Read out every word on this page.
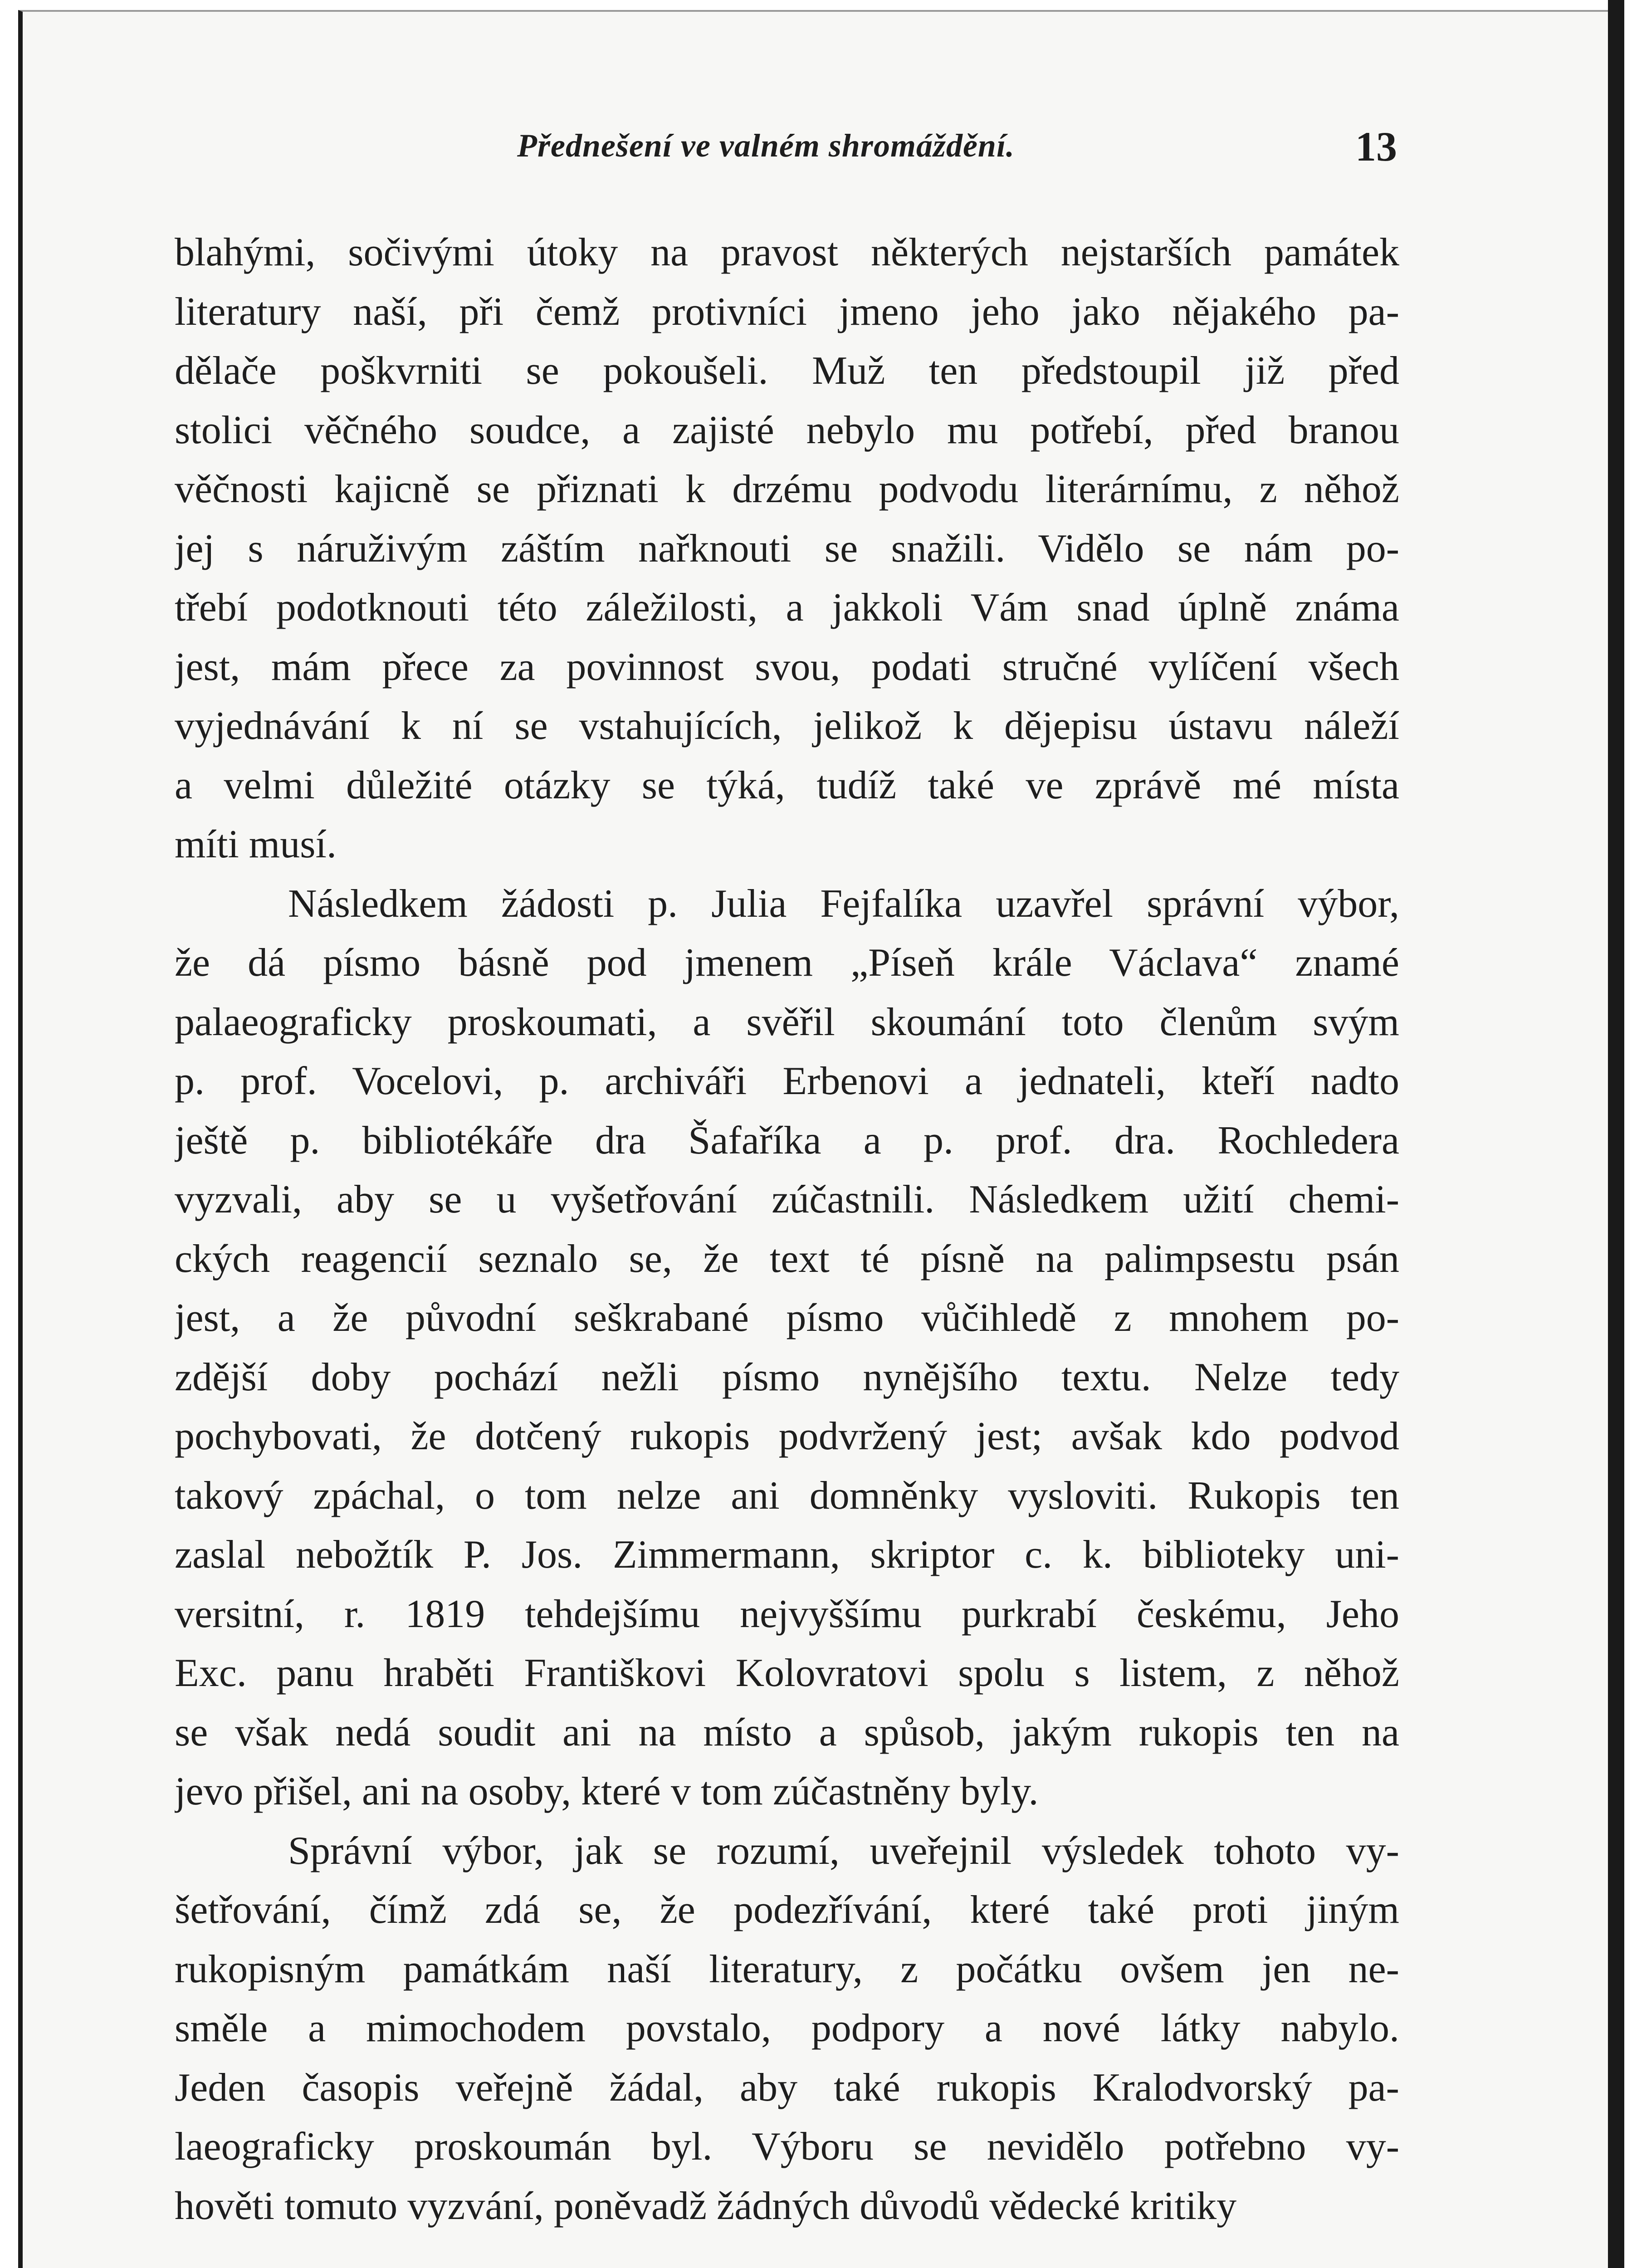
Přednešení ve valném shromáždění.	13
blahými, sočivými útoky na pravost některých nejstarších památek
literatury naší, při čemž protivníci jmeno jeho jako nějakého pa-
dělače poškvrniti se pokoušeli. Muž ten předstoupil již před
stolici věčného soudce, a zajisté nebylo mu potřebí, před branou
věčnosti kajicně se přiznati k drzému podvodu literárnímu, z něhož
jej s náruživým záštím nařknouti se snažili. Vidělo se nám po-
třebí podotknouti této záležilosti, a jakkoli Vám snad úplně známa
jest, mám přece za povinnost svou, podati stručné vylíčení všech
vyjednávání k ní se vstahujících, jelikož k dějepisu ústavu náleží
a velmi důležité otázky se týká, tudíž také ve zprávě mé místa
míti musí.
Následkem žádosti p. Julia Fejfalíka uzavřel správní výbor,
že dá písmo básně pod jmenem „Píseň krále Václava“ znamé
palaeograficky proskoumati, a svěřil skoumání toto členům svým
p. prof. Vocelovi, p. archiváři Erbenovi a jednateli, kteří nadto
ještě p. bibliotékáře dra Šafaříka a p. prof. dra. Rochledera
vyzvali, aby se u vyšetřování zúčastnili. Následkem užití chemi-
ckých reagencií seznalo se, že text té písně na palimpsestu psán
jest, a že původní seškrabané písmo vůčihledě z mnohem po-
zdější doby pochází nežli písmo nynějšího textu. Nelze tedy
pochybovati, že dotčený rukopis podvržený jest; avšak kdo podvod
takový zpáchal, o tom nelze ani domněnky vysloviti. Rukopis ten
zaslal nebožtík P. Jos. Zimmermann, skriptor c. k. biblioteky uni-
versitní, r. 1819 tehdejšímu nejvyššímu purkrabí českému, Jeho
Exc. panu hraběti Františkovi Kolovratovi spolu s listem, z něhož
se však nedá soudit ani na místo a spůsob, jakým rukopis ten na
jevo přišel, ani na osoby, které v tom zúčastněny byly.
Správní výbor, jak se rozumí, uveřejnil výsledek tohoto vy-
šetřování, čímž zdá se, že podezřívání, které také proti jiným
rukopisným památkám naší literatury, z počátku ovšem jen ne-
směle a mimochodem povstalo, podpory a nové látky nabylo.
Jeden časopis veřejně žádal, aby také rukopis Kralodvorský pa-
laeograficky proskoumán byl. Výboru se nevidělo potřebno vy-
hověti tomuto vyzvání, poněvadž žádných důvodů vědecké kritiky
